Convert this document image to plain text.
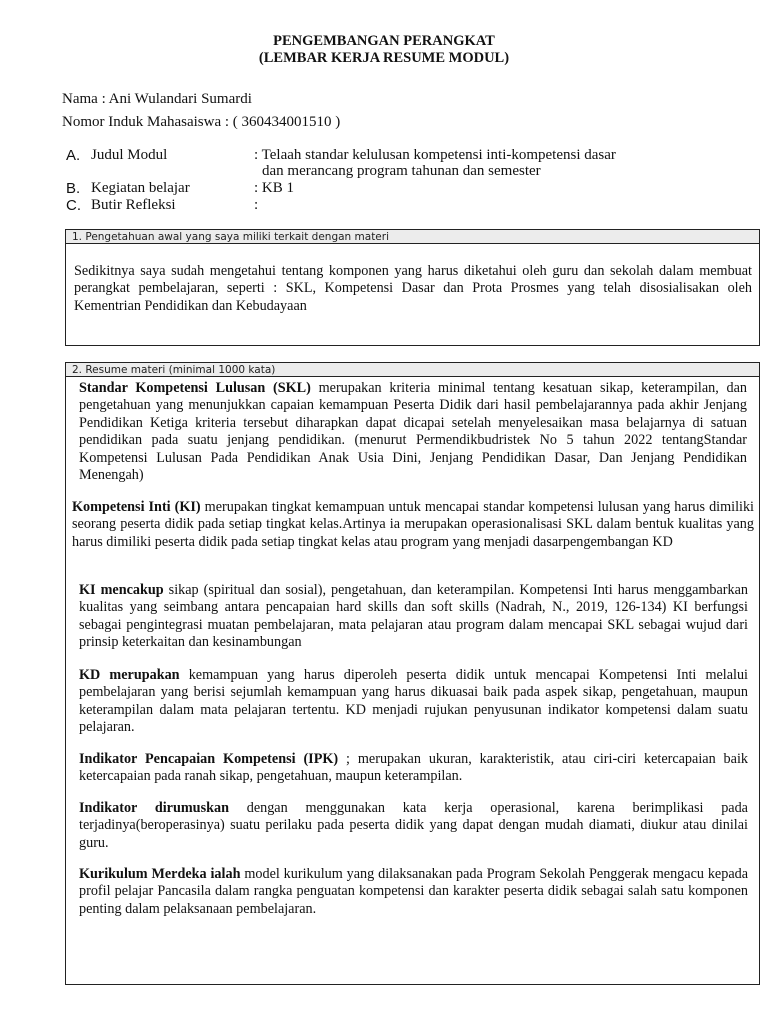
PENGEMBANGAN PERANGKAT
(LEMBAR KERJA RESUME MODUL)
Nama : Ani Wulandari Sumardi
Nomor Induk Mahasaiswa : ( 360434001510 )
A. Judul Modul	: Telaah standar kelulusan kompetensi inti-kompetensi dasar
dan merancang program tahunan dan semester
B. Kegiatan belajar	: KB 1
C. Butir Refleksi	:
1. Pengetahuan awal yang saya miliki terkait dengan materi
Sedikitnya saya sudah mengetahui tentang komponen yang harus diketahui oleh guru dan sekolah dalam membuat perangkat pembelajaran, seperti : SKL, Kompetensi Dasar dan Prota Prosmes yang telah disosialisakan oleh Kementrian Pendidikan dan Kebudayaan
2. Resume materi (minimal 1000 kata)
Standar Kompetensi Lulusan (SKL) merupakan kriteria minimal tentang kesatuan sikap, keterampilan, dan pengetahuan yang menunjukkan capaian kemampuan Peserta Didik dari hasil pembelajarannya pada akhir Jenjang Pendidikan Ketiga kriteria tersebut diharapkan dapat dicapai setelah menyelesaikan masa belajarnya di satuan pendidikan pada suatu jenjang pendidikan. (menurut Permendikbudristek No 5 tahun 2022 tentangStandar Kompetensi Lulusan Pada Pendidikan Anak Usia Dini, Jenjang Pendidikan Dasar, Dan Jenjang Pendidikan Menengah)
Kompetensi Inti (KI) merupakan tingkat kemampuan untuk mencapai standar kompetensi lulusan yang harus dimiliki seorang peserta didik pada setiap tingkat kelas.Artinya ia merupakan operasionalisasi SKL dalam bentuk kualitas yang harus dimiliki peserta didik pada setiap tingkat kelas atau program yang menjadi dasarpengembangan KD
KI mencakup sikap (spiritual dan sosial), pengetahuan, dan keterampilan. Kompetensi Inti harus menggambarkan kualitas yang seimbang antara pencapaian hard skills dan soft skills (Nadrah, N., 2019, 126-134) KI berfungsi sebagai pengintegrasi muatan pembelajaran, mata pelajaran atau program dalam mencapai SKL sebagai wujud dari prinsip keterkaitan dan kesinambungan
KD merupakan kemampuan yang harus diperoleh peserta didik untuk mencapai Kompetensi Inti melalui pembelajaran yang berisi sejumlah kemampuan yang harus dikuasai baik pada aspek sikap, pengetahuan, maupun keterampilan dalam mata pelajaran tertentu. KD menjadi rujukan penyusunan indikator kompetensi dalam suatu pelajaran.
Indikator Pencapaian Kompetensi (IPK) ; merupakan ukuran, karakteristik, atau ciri-ciri ketercapaian baik ketercapaian pada ranah sikap, pengetahuan, maupun keterampilan.
Indikator dirumuskan dengan menggunakan kata kerja operasional, karena berimplikasi pada terjadinya(beroperasinya) suatu perilaku pada peserta didik yang dapat dengan mudah diamati, diukur atau dinilai guru.
Kurikulum Merdeka ialah model kurikulum yang dilaksanakan pada Program Sekolah Penggerak mengacu kepada profil pelajar Pancasila dalam rangka penguatan kompetensi dan karakter peserta didik sebagai salah satu komponen penting dalam pelaksanaan pembelajaran.
